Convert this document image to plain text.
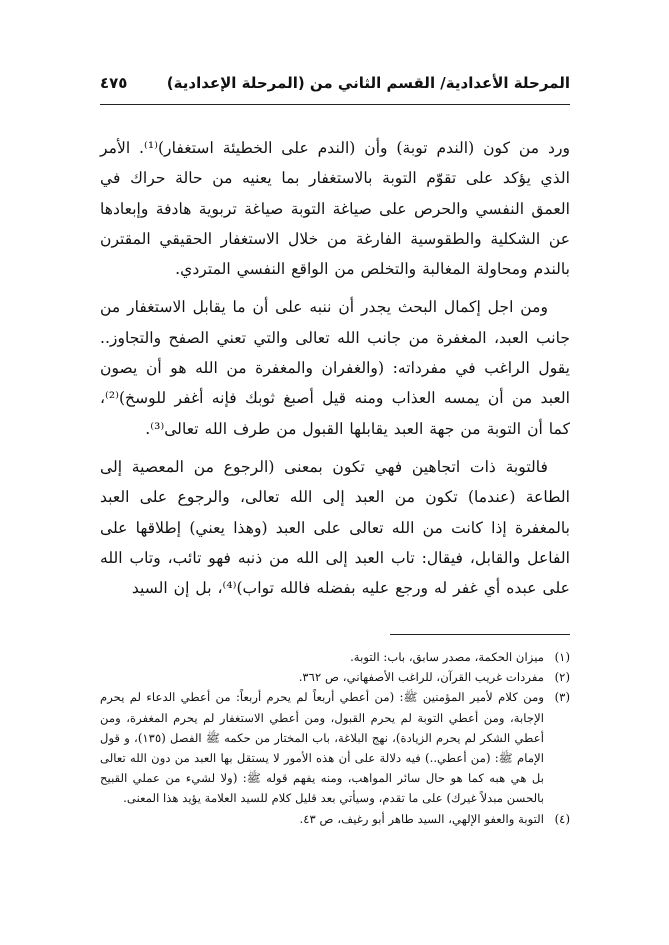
المرحلة الأعدادية/ القسم الثاني من (المرحلة الإعدادية)
٤٧٥

ورد من كون (الندم توبة) وأن (الندم على الخطيئة استغفار)⁽¹⁾. الأمر الذي يؤكد على تقوّم التوبة بالاستغفار بما يعنيه من حالة حراك في العمق النفسي والحرص على صياغة التوبة صياغة تربوية هادفة وإبعادها عن الشكلية والطقوسية الفارغة من خلال الاستغفار الحقيقي المقترن بالندم ومحاولة المغالبة والتخلص من الواقع النفسي المتردي.

ومن اجل إكمال البحث يجدر أن ننبه على أن ما يقابل الاستغفار من جانب العبد، المغفرة من جانب الله تعالى والتي تعني الصفح والتجاوز.. يقول الراغب في مفرداته: (والغفران والمغفرة من الله هو أن يصون العبد من أن يمسه العذاب ومنه قيل أصبغ ثوبك فإنه أغفر للوسخ)⁽²⁾، كما أن التوبة من جهة العبد يقابلها القبول من طرف الله تعالى⁽³⁾.

فالتوبة ذات اتجاهين فهي تكون بمعنى (الرجوع من المعصية إلى الطاعة (عندما) تكون من العبد إلى الله تعالى، والرجوع على العبد بالمغفرة إذا كانت من الله تعالى على العبد (وهذا يعني) إطلاقها على الفاعل والقابل، فيقال: تاب العبد إلى الله من ذنبه فهو تائب، وتاب الله على عبده أي غفر له ورجع عليه بفضله فالله تواب)⁽⁴⁾، بل إن السيد

(١)
ميزان الحكمة، مصدر سابق، باب: التوبة.
(٢)
مفردات غريب القرآن، للراغب الأصفهاني، ص ٣٦٢.
(٣)
ومن كلام لأمير المؤمنين ﷺ: (من أعطي أربعاً لم يحرم أربعاً: من أعطي الدعاء لم يحرم الإجابة، ومن أعطي التوبة لم يحرم القبول، ومن أعطي الاستغفار لم يحرم المغفرة، ومن أعطي الشكر لم يحرم الزيادة)، نهج البلاغة، باب المختار من حكمه ﷺ الفصل (١٣٥)، و قول الإمام ﷺ: (من أعطي..) فيه دلالة على أن هذه الأمور لا يستقل بها العبد من دون الله تعالى بل هي هبه كما هو حال سائر المواهب، ومنه يفهم قوله ﷺ: (ولا لشيء من عملي القبيح بالحسن مبدلاً غيرك) على ما تقدم، وسيأتي بعد قليل كلام للسيد العلامة يؤيد هذا المعنى.
(٤)
التوبة والعفو الإلهي، السيد طاهر أبو رغيف، ص ٤٣.
